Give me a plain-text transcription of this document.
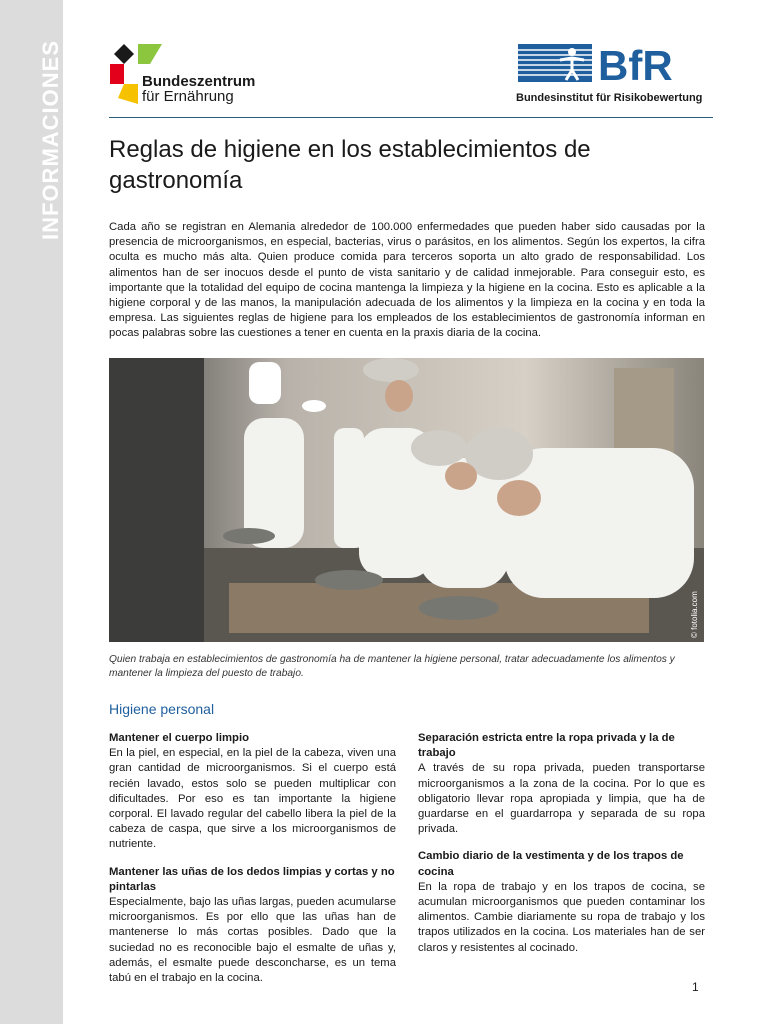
INFORMACIONES	Bundeszentrum
für Ernährung
BfR
Bundesinstitut für Risikobewertung
Reglas de higiene en los establecimientos de gastronomía

Cada año se registran en Alemania alrededor de 100.000 enfermedades que pueden haber sido causadas por la presencia de microorganismos, en especial, bacterias, virus o parásitos, en los alimentos. Según los expertos, la cifra oculta es mucho más alta. Quien produce comida para terceros soporta un alto grado de responsabilidad. Los alimentos han de ser inocuos desde el punto de vista sanitario y de calidad inmejorable. Para conseguir esto, es importante que la totalidad del equipo de cocina mantenga la limpieza y la higiene en la cocina. Esto es aplicable a la higiene corporal y de las manos, la manipulación adecuada de los alimentos y la limpieza en la cocina y en toda la empresa. Las siguientes reglas de higiene para los empleados de los establecimientos de gastronomía informan en pocas palabras sobre las cuestiones a tener en cuenta en la praxis diaria de la cocina.

© fotolia.com

Quien trabaja en establecimientos de gastronomía ha de mantener la higiene personal, tratar adecuadamente los alimentos y mantener la limpieza del puesto de trabajo.

Higiene personal
Mantener el cuerpo limpio

En la piel, en especial, en la piel de la cabeza, viven una gran cantidad de microorganismos. Si el cuerpo está recién lavado, estos solo se pueden multiplicar con dificultades. Por eso es tan importante la higiene corporal. El lavado regular del cabello libera la piel de la cabeza de caspa, que sirve a los microorganismos de nutriente.

Mantener las uñas de los dedos limpias y cortas y no pintarlas

Especialmente, bajo las uñas largas, pueden acumularse microorganismos. Es por ello que las uñas han de mantenerse lo más cortas posibles. Dado que la suciedad no es reconocible bajo el esmalte de uñas y, además, el esmalte puede desconcharse, es un tema tabú en el trabajo en la cocina.

Separación estricta entre la ropa privada y la de trabajo

A través de su ropa privada, pueden transportarse microorganismos a la zona de la cocina. Por lo que es obligatorio llevar ropa apropiada y limpia, que ha de guardarse en el guardarropa y separada de su ropa privada.

Cambio diario de la vestimenta y de los trapos de cocina

En la ropa de trabajo y en los trapos de cocina, se acumulan microorganismos que pueden contaminar los alimentos. Cambie diariamente su ropa de trabajo y los trapos utilizados en la cocina. Los materiales han de ser claros y resistentes al cocinado.

1
